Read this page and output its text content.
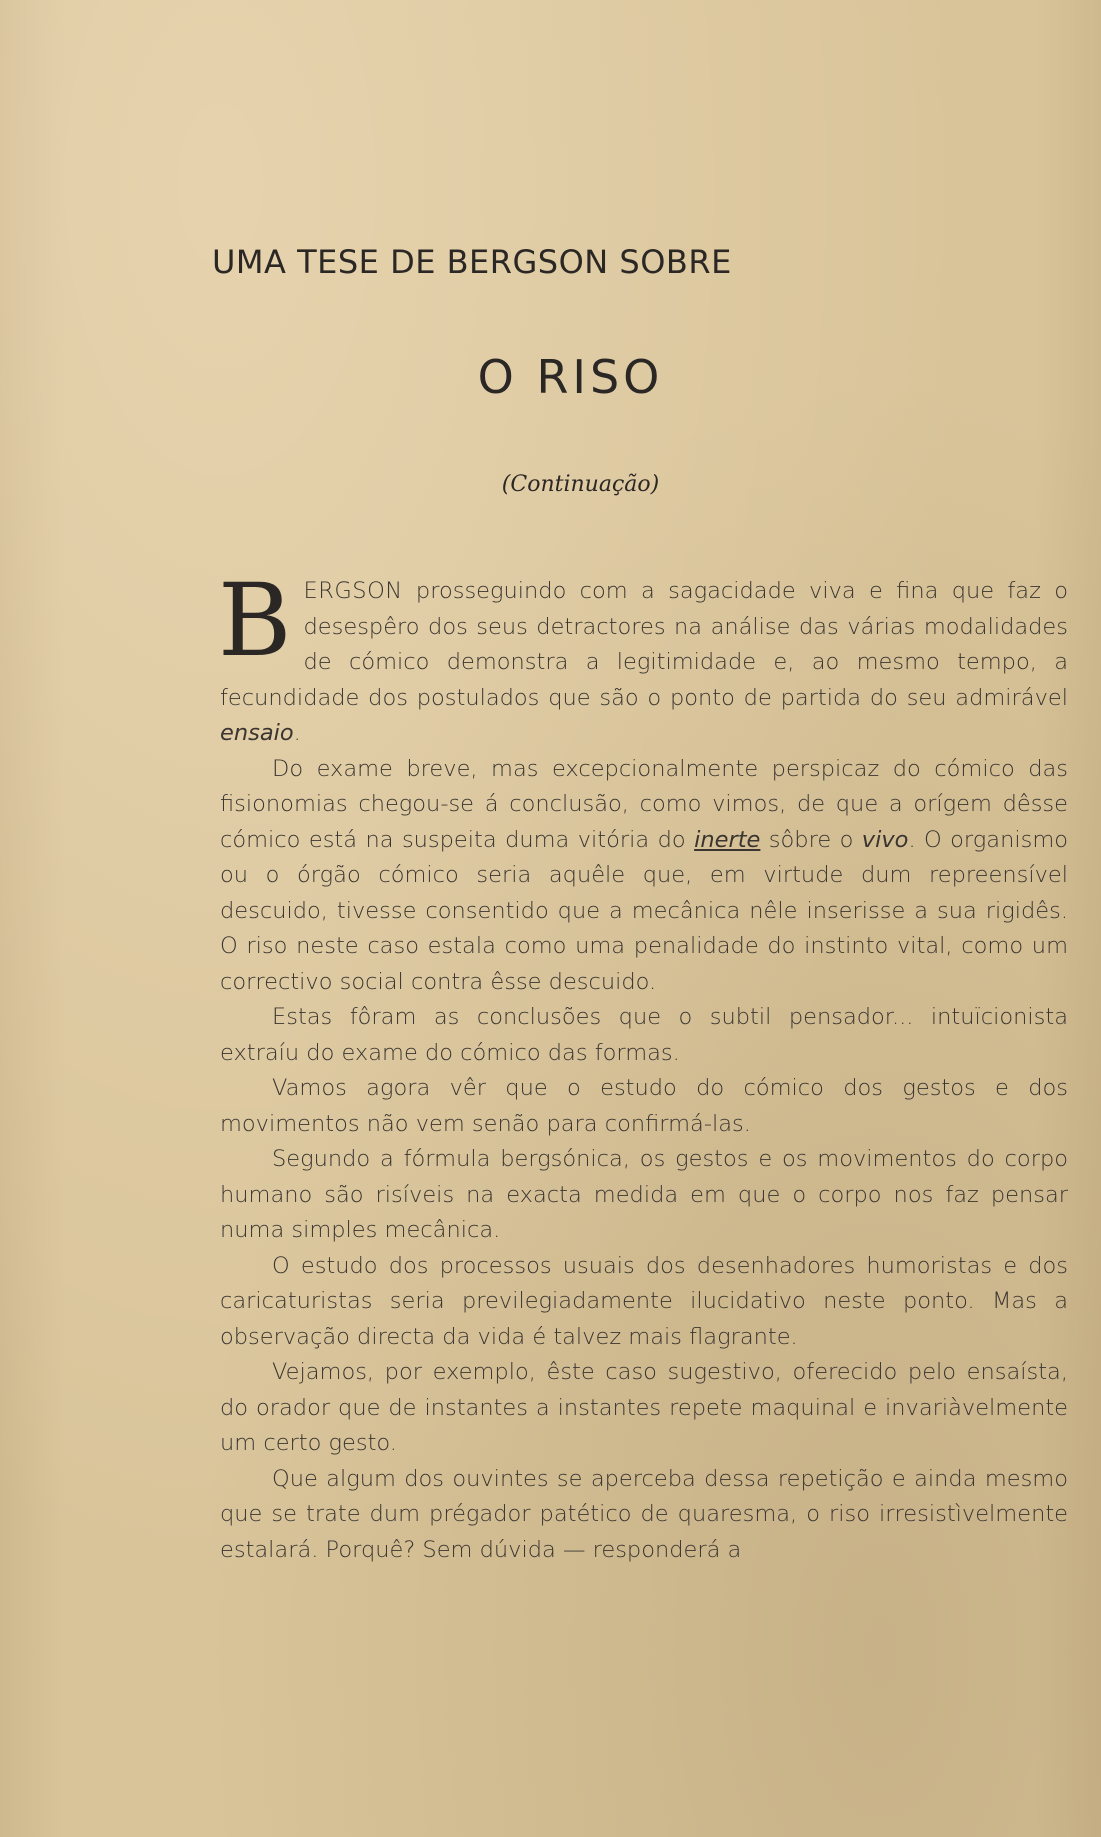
UMA TESE DE BERGSON SOBRE
O RISO
(Continuação)

BERGSON prosseguindo com a sagacidade viva e fina que faz o desespêro dos seus detractores na análise das várias modalidades de cómico demonstra a legitimidade e, ao mesmo tempo, a fecundidade dos postulados que são o ponto de partida do seu admirável ensaio.

Do exame breve, mas excepcionalmente perspicaz do cómico das fisionomias chegou-se á conclusão, como vimos, de que a orígem dêsse cómico está na suspeita duma vitória do inerte sôbre o vivo. O organismo ou o órgão cómico seria aquêle que, em virtude dum repreensível descuido, tivesse consentido que a mecânica nêle inserisse a sua rigidês. O riso neste caso estala como uma penalidade do instinto vital, como um correctivo social contra êsse descuido.

Estas fôram as conclusões que o subtil pensador... intuïcionista extraíu do exame do cómico das formas.

Vamos agora vêr que o estudo do cómico dos gestos e dos movimentos não vem senão para confirmá-las.

Segundo a fórmula bergsónica, os gestos e os movimentos do corpo humano são risíveis na exacta medida em que o corpo nos faz pensar numa simples mecânica.

O estudo dos processos usuais dos desenhadores humoristas e dos caricaturistas seria previlegiadamente ilucidativo neste ponto. Mas a observação directa da vida é talvez mais flagrante.

Vejamos, por exemplo, êste caso sugestivo, oferecido pelo ensaísta, do orador que de instantes a instantes repete maquinal e invariàvelmente um certo gesto.

Que algum dos ouvintes se aperceba dessa repetição e ainda mesmo que se trate dum prégador patético de quaresma, o riso irresistìvelmente estalará. Porquê? Sem dúvida — responderá a
